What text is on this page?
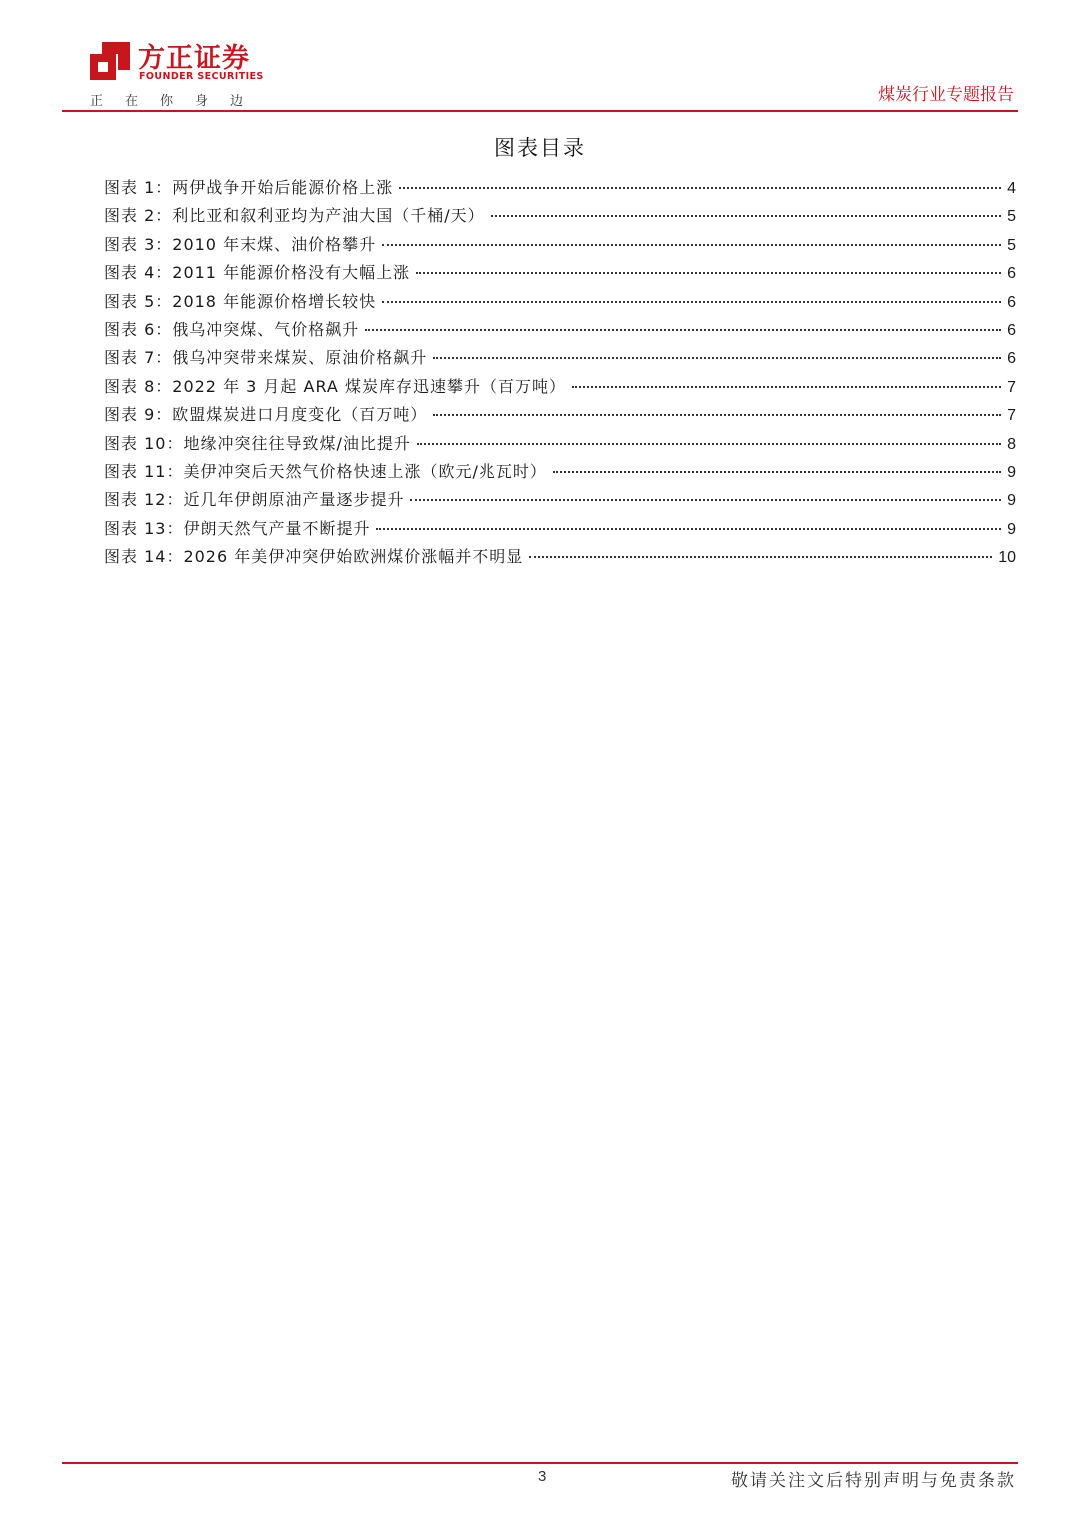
方正证券
FOUNDER SECURITIES
正在你身边	煤炭行业专题报告
图表目录
图表 1：两伊战争开始后能源价格上涨	4
图表 2：利比亚和叙利亚均为产油大国（千桶/天）	5
图表 3：2010 年末煤、油价格攀升	5
图表 4：2011 年能源价格没有大幅上涨	6
图表 5：2018 年能源价格增长较快	6
图表 6：俄乌冲突煤、气价格飙升	6
图表 7：俄乌冲突带来煤炭、原油价格飙升	6
图表 8：2022 年 3 月起 ARA 煤炭库存迅速攀升（百万吨）	7
图表 9：欧盟煤炭进口月度变化（百万吨）	7
图表 10：地缘冲突往往导致煤/油比提升	8
图表 11：美伊冲突后天然气价格快速上涨（欧元/兆瓦时）	9
图表 12：近几年伊朗原油产量逐步提升	9
图表 13：伊朗天然气产量不断提升	9
图表 14：2026 年美伊冲突伊始欧洲煤价涨幅并不明显	10
3	敬请关注文后特别声明与免责条款
